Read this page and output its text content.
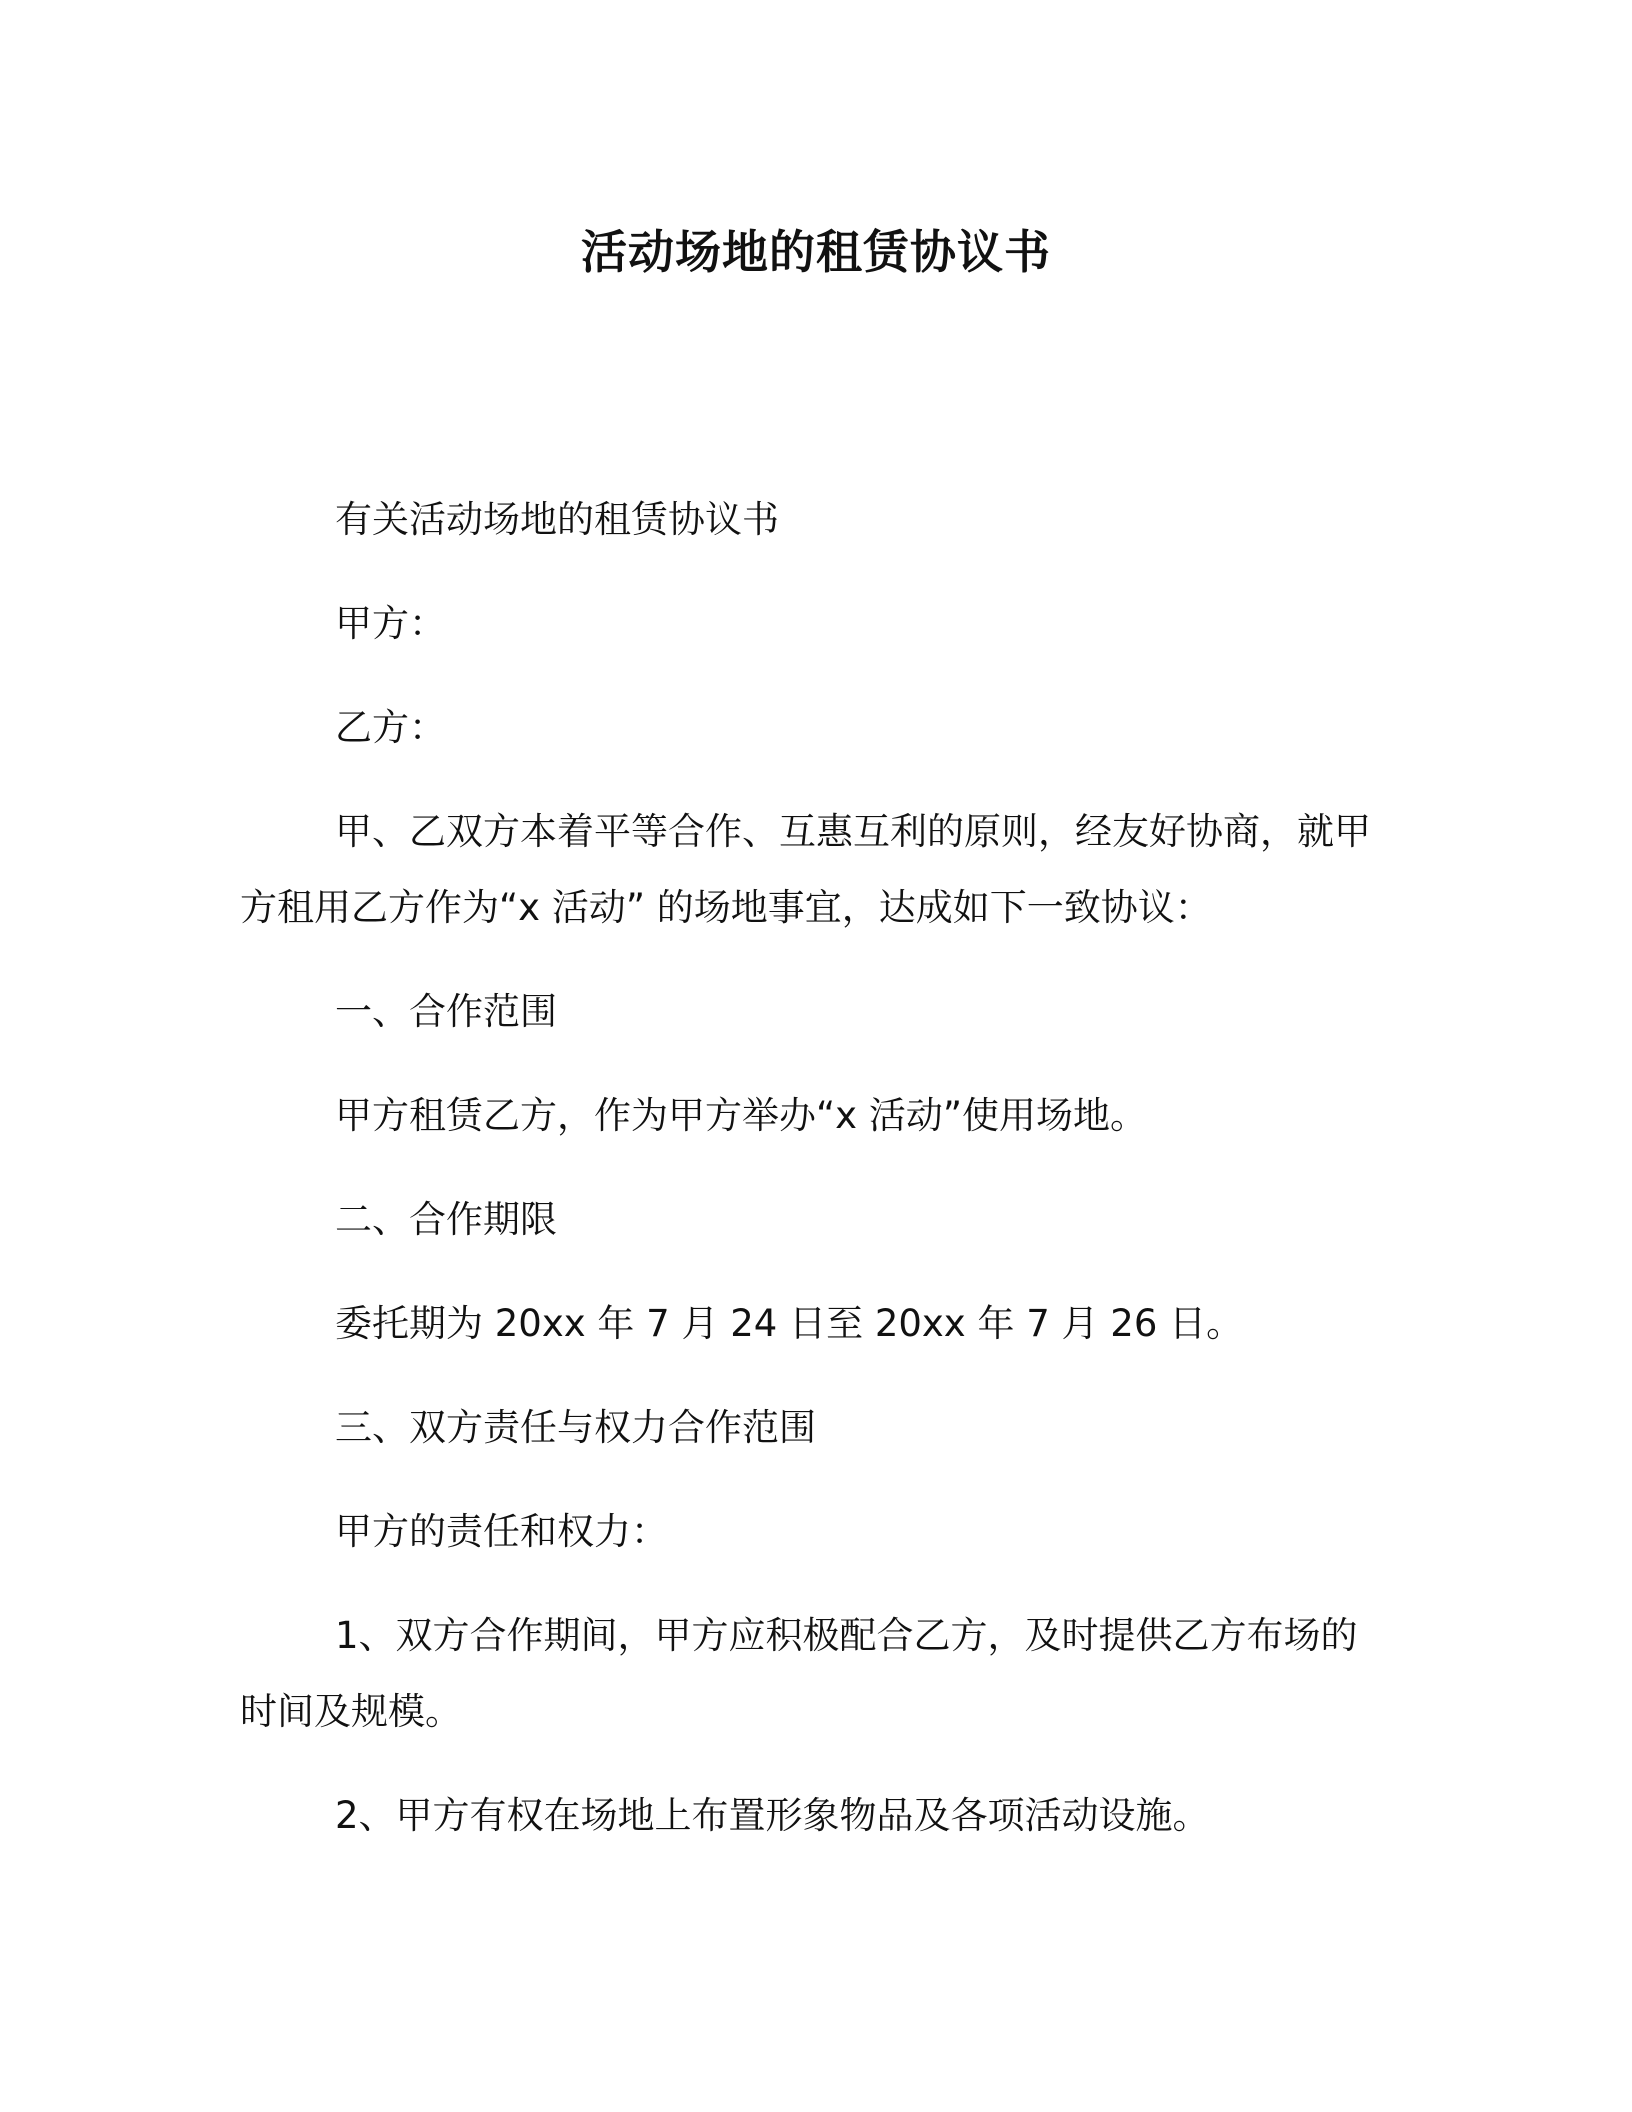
活动场地的租赁协议书
有关活动场地的租赁协议书
甲方：
乙方：
甲、乙双方本着平等合作、互惠互利的原则，经友好协商，就甲
方租用乙方作为“x 活动” 的场地事宜，达成如下一致协议：
一、合作范围
甲方租赁乙方，作为甲方举办“x 活动”使用场地。
二、合作期限
委托期为 20xx 年 7 月 24 日至 20xx 年 7 月 26 日。
三、双方责任与权力合作范围
甲方的责任和权力：
1、双方合作期间，甲方应积极配合乙方，及时提供乙方布场的
时间及规模。
2、甲方有权在场地上布置形象物品及各项活动设施。
